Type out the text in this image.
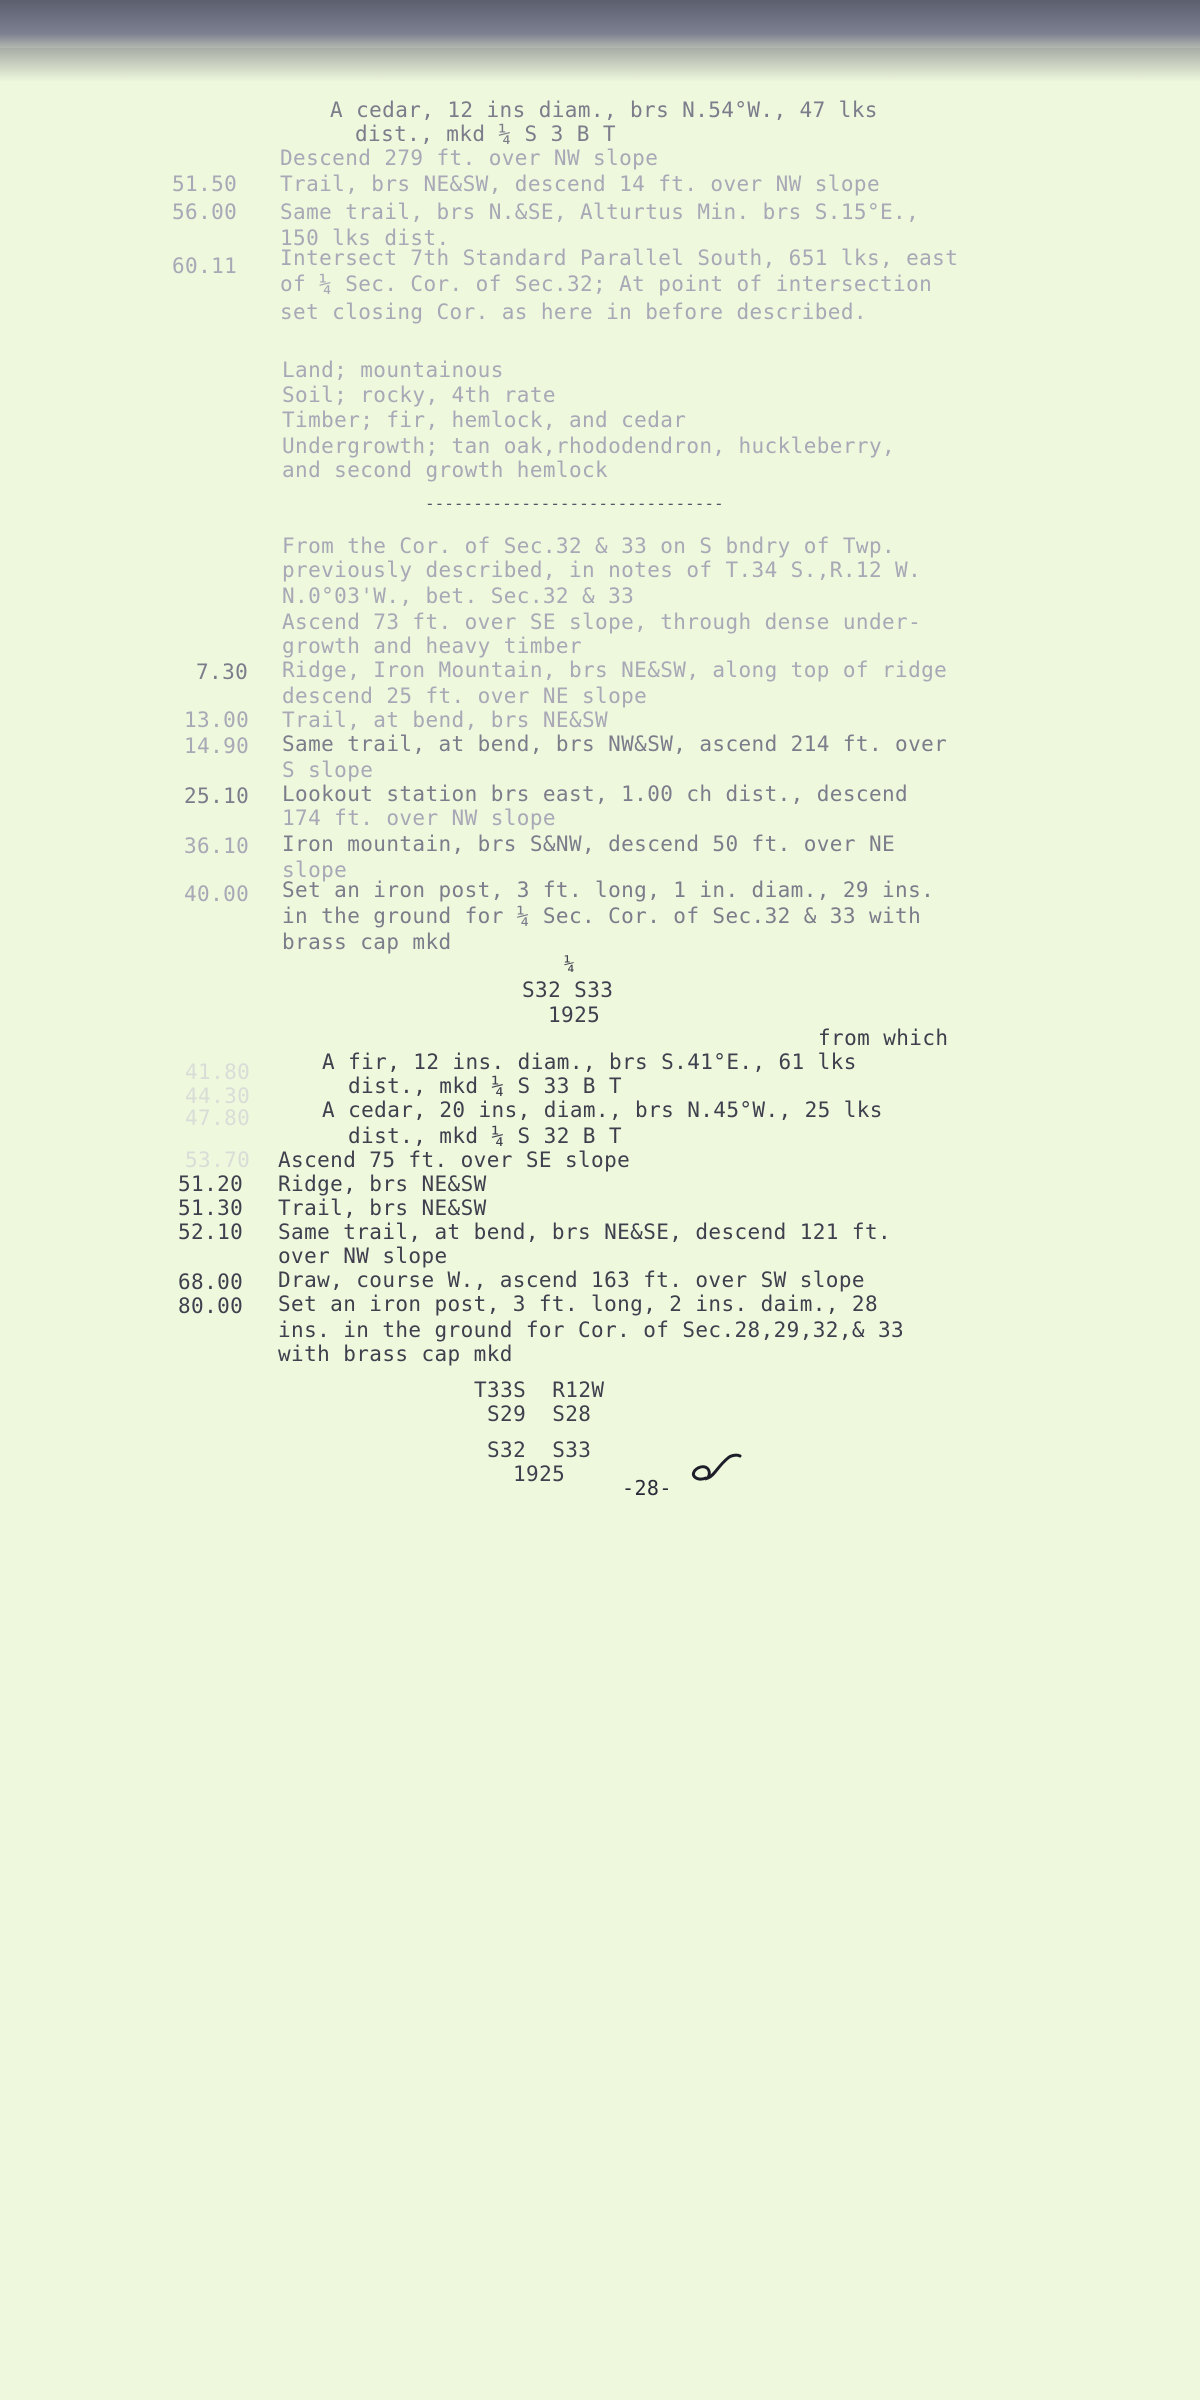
41.80

44.30

53.70

47.80

A cedar, 12 ins diam., brs N.54°W., 47 lks

dist., mkd ¼ S 3 B T

Descend 279 ft. over NW slope

51.50

Trail, brs NE&SW, descend 14 ft. over NW slope

56.00

Same trail, brs N.&SE, Alturtus Min. brs S.15°E.,

150 lks dist.

60.11

Intersect 7th Standard Parallel South, 651 lks, east

of ¼ Sec. Cor. of Sec.32; At point of intersection

set closing Cor. as here in before described.

Land; mountainous

Soil; rocky, 4th rate

Timber; fir, hemlock, and cedar

Undergrowth; tan oak,rhododendron, huckleberry,

and second growth hemlock

-------------------------------

From the Cor. of Sec.32 & 33 on S bndry of Twp.

previously described, in notes of T.34 S.,R.12 W.

N.0°03'W., bet. Sec.32 & 33

Ascend 73 ft. over SE slope, through dense under-

growth and heavy timber

7.30

Ridge, Iron Mountain, brs NE&SW, along top of ridge

descend 25 ft. over NE slope

13.00

Trail, at bend, brs NE&SW

14.90

Same trail, at bend, brs NW&SW, ascend 214 ft. over

S slope

25.10

Lookout station brs east, 1.00 ch dist., descend

174 ft. over NW slope

36.10

Iron mountain, brs S&NW, descend 50 ft. over NE

slope

40.00

Set an iron post, 3 ft. long, 1 in. diam., 29 ins.

in the ground for ¼ Sec. Cor. of Sec.32 & 33 with

brass cap mkd

¼

S32 S33

1925

from which

A fir, 12 ins. diam., brs S.41°E., 61 lks

dist., mkd ¼ S 33 B T

A cedar, 20 ins, diam., brs N.45°W., 25 lks

dist., mkd ¼ S 32 B T

Ascend 75 ft. over SE slope

51.20

Ridge, brs NE&SW

51.30

Trail, brs NE&SW

52.10

Same trail, at bend, brs NE&SE, descend 121 ft.

over NW slope

68.00

Draw, course W., ascend 163 ft. over SW slope

80.00

Set an iron post, 3 ft. long, 2 ins. daim., 28

ins. in the ground for Cor. of Sec.28,29,32,& 33

with brass cap mkd

T33S  R12W

S29  S28

S32  S33

1925

-28-
